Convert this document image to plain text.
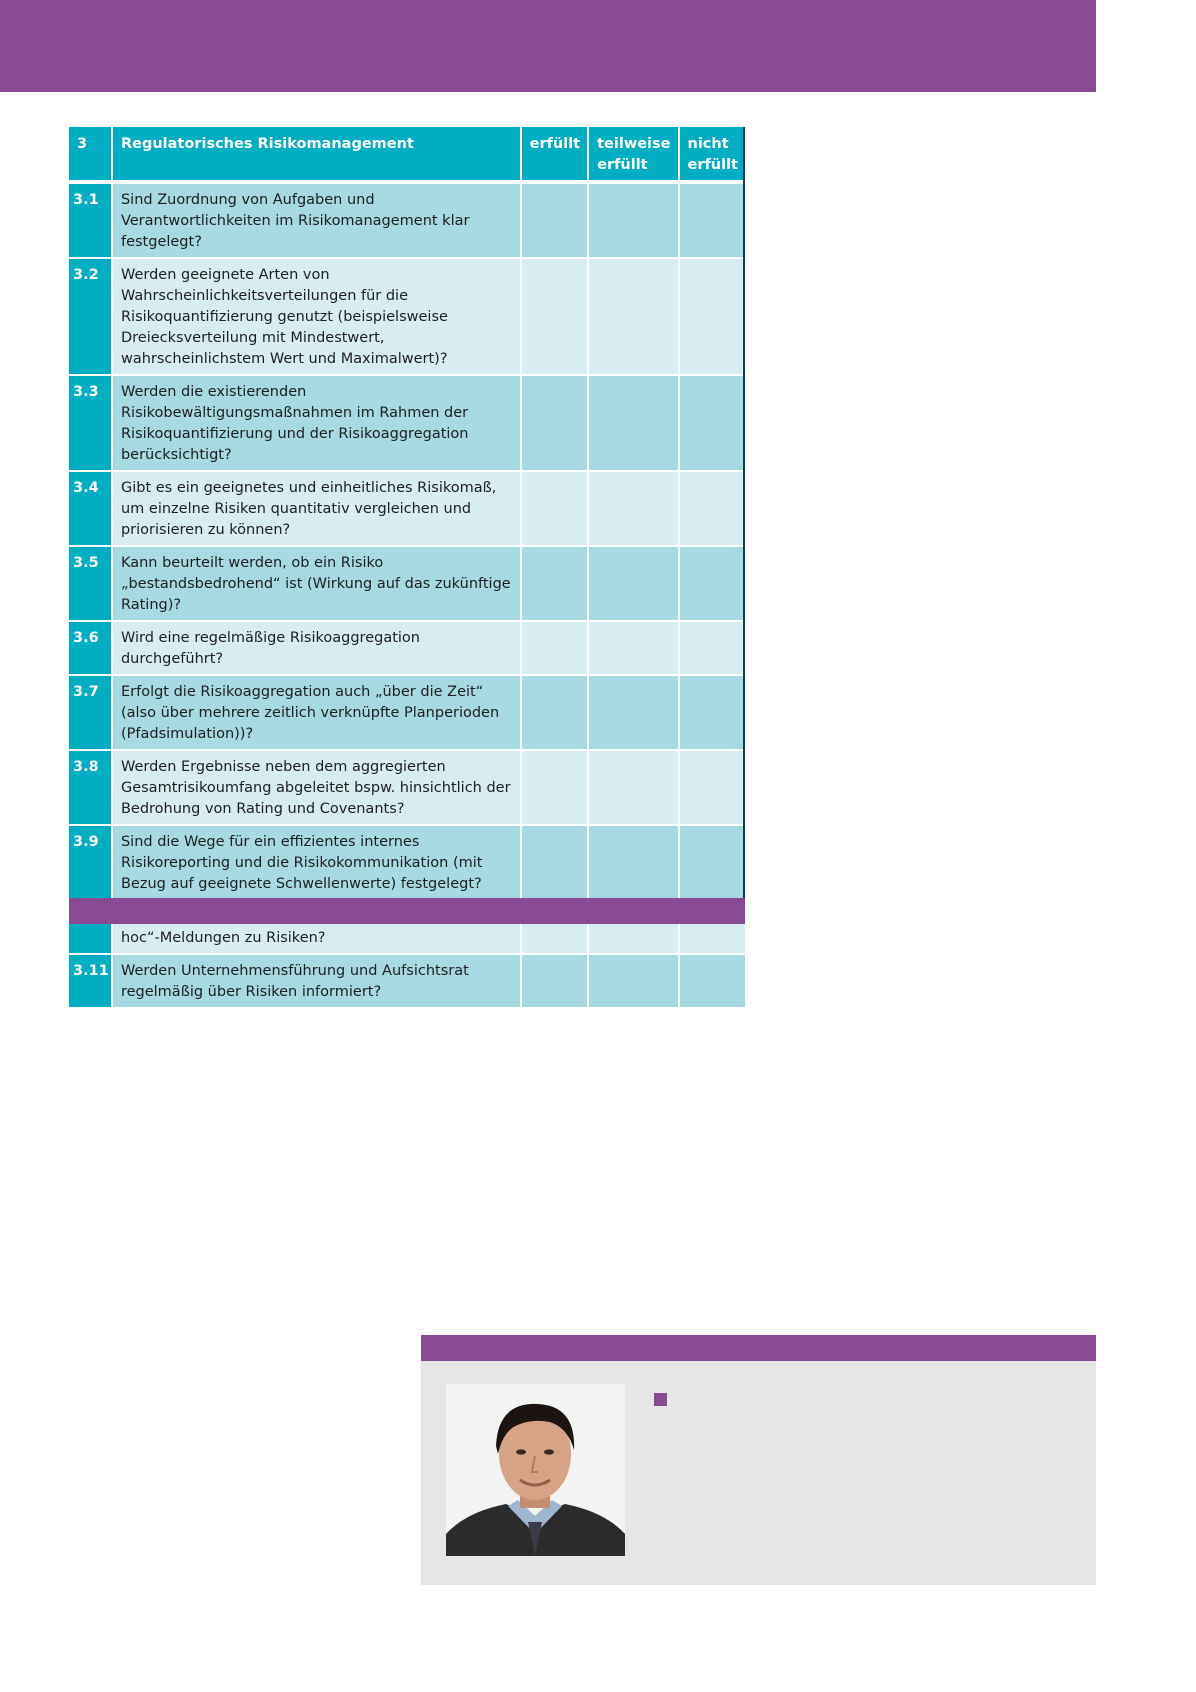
3	Regulatorisches Risikomanagement	erfüllt	teilweise erfüllt	nicht erfüllt
3.1	Sind Zuordnung von Aufgaben und Verantwortlichkeiten im Risikomanagement klar festgelegt?			
3.2	Werden geeignete Arten von Wahrscheinlichkeitsverteilungen für die Risikoquantifizierung genutzt (beispielsweise Dreiecksverteilung mit Mindestwert, wahrscheinlichstem Wert und Maximalwert)?			
3.3	Werden die existierenden Risikobewältigungsmaßnahmen im Rahmen der Risikoquantifizierung und der Risikoaggregation berücksichtigt?			
3.4	Gibt es ein geeignetes und einheitliches Risikomaß, um einzelne Risiken quantitativ vergleichen und priorisieren zu können?			
3.5	Kann beurteilt werden, ob ein Risiko „bestandsbedrohend“ ist (Wirkung auf das zukünftige Rating)?			
3.6	Wird eine regelmäßige Risikoaggregation durchgeführt?			
3.7	Erfolgt die Risikoaggregation auch „über die Zeit“ (also über mehrere zeitlich verknüpfte Planperioden (Pfadsimulation))?			
3.8	Werden Ergebnisse neben dem aggregierten Gesamtrisikoumfang abgeleitet bspw. hinsichtlich der Bedrohung von Rating und Covenants?			
3.9	Sind die Wege für ein effizientes internes Risikoreporting und die Risikokommunikation (mit Bezug auf geeignete Schwellenwerte) festgelegt?			
	hoc“-Meldungen zu Risiken?			
3.11	Werden Unternehmensführung und Aufsichtsrat regelmäßig über Risiken informiert?			
